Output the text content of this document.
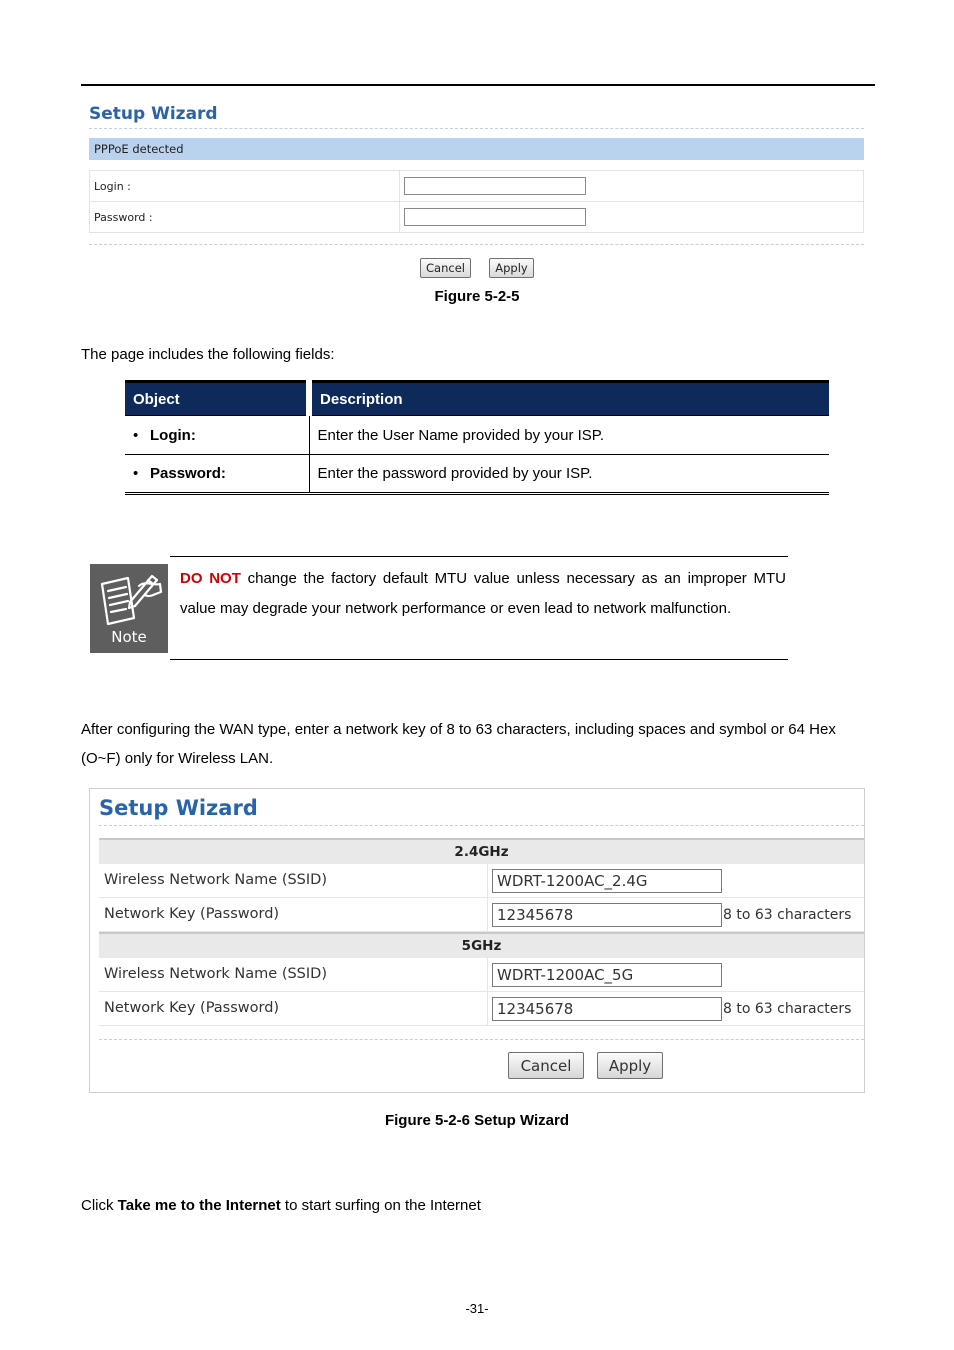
Setup Wizard
PPPoE detected
Login :	

Password :	
Cancel	Apply
Figure 5-2-5
The page includes the following fields:
Object	Description
• Login:	Enter the User Name provided by your ISP.
• Password:	Enter the password provided by your ISP.
Note
DO NOT change the factory default MTU value unless necessary as an improper MTU value may degrade your network performance or even lead to network malfunction.
After configuring the WAN type, enter a network key of 8 to 63 characters, including spaces and symbol or 64 Hex (O~F) only for Wireless LAN.
Setup Wizard
2.4GHz
Wireless Network Name (SSID)	WDRT-1200AC_2.4G
Network Key (Password)	12345678	8 to 63 characters
5GHz
Wireless Network Name (SSID)	WDRT-1200AC_5G
Network Key (Password)	12345678	8 to 63 characters
Cancel	Apply
Figure 5-2-6 Setup Wizard
Click Take me to the Internet to start surfing on the Internet
-31-
